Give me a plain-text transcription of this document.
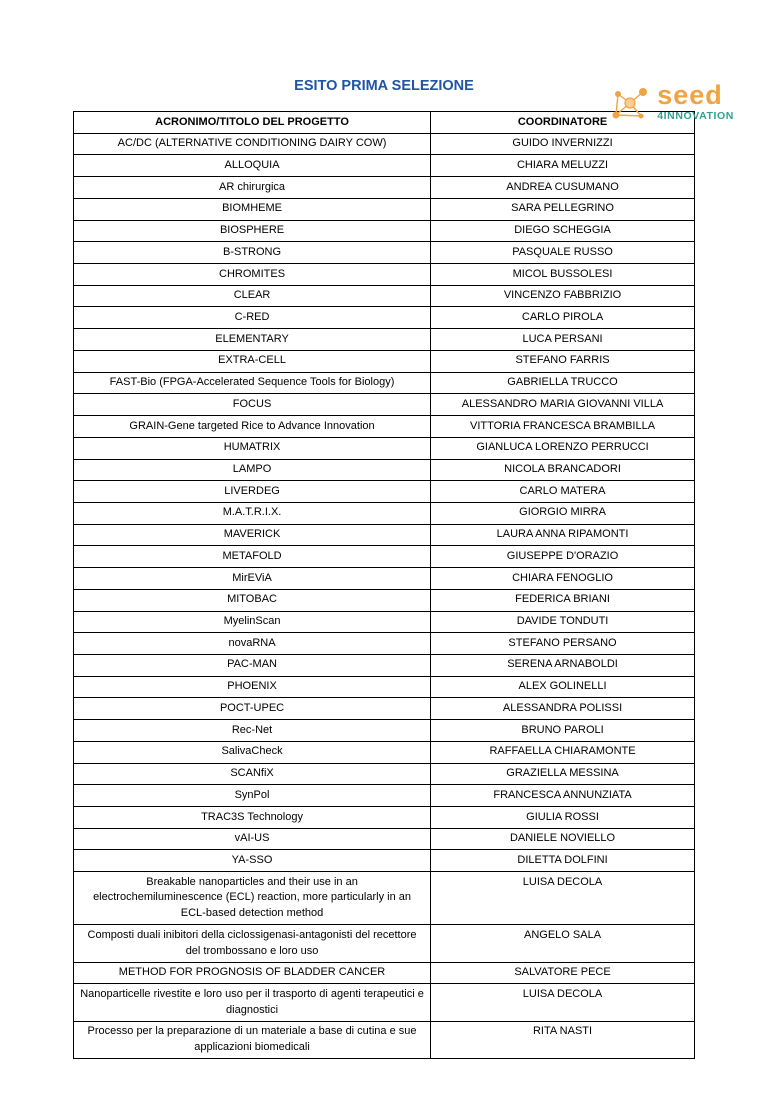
seed
4INNOVATION
ESITO PRIMA SELEZIONE
ACRONIMO/TITOLO DEL PROGETTO	COORDINATORE
AC/DC (ALTERNATIVE CONDITIONING DAIRY COW)	GUIDO INVERNIZZI
ALLOQUIA	CHIARA MELUZZI
AR chirurgica	ANDREA CUSUMANO
BIOMHEME	SARA PELLEGRINO
BIOSPHERE	DIEGO SCHEGGIA
B-STRONG	PASQUALE RUSSO
CHROMITES	MICOL BUSSOLESI
CLEAR	VINCENZO FABBRIZIO
C-RED	CARLO PIROLA
ELEMENTARY	LUCA PERSANI
EXTRA-CELL	STEFANO FARRIS
FAST-Bio (FPGA-Accelerated Sequence Tools for Biology)	GABRIELLA TRUCCO
FOCUS	ALESSANDRO MARIA GIOVANNI VILLA
GRAIN-Gene targeted Rice to Advance Innovation	VITTORIA FRANCESCA BRAMBILLA
HUMATRIX	GIANLUCA LORENZO PERRUCCI
LAMPO	NICOLA BRANCADORI
LIVERDEG	CARLO MATERA
M.A.T.R.I.X.	GIORGIO MIRRA
MAVERICK	LAURA ANNA RIPAMONTI
METAFOLD	GIUSEPPE D'ORAZIO
MirEViA	CHIARA FENOGLIO
MITOBAC	FEDERICA BRIANI
MyelinScan	DAVIDE TONDUTI
novaRNA	STEFANO PERSANO
PAC-MAN	SERENA ARNABOLDI
PHOENIX	ALEX GOLINELLI
POCT-UPEC	ALESSANDRA POLISSI
Rec-Net	BRUNO PAROLI
SalivaCheck	RAFFAELLA CHIARAMONTE
SCANfiX	GRAZIELLA MESSINA
SynPol	FRANCESCA ANNUNZIATA
TRAC3S Technology	GIULIA ROSSI
vAI-US	DANIELE NOVIELLO
YA-SSO	DILETTA DOLFINI
Breakable nanoparticles and their use in an electrochemiluminescence (ECL) reaction, more particularly in an ECL-based detection method	LUISA DECOLA
Composti duali inibitori della ciclossigenasi-antagonisti del recettore del trombossano e loro uso	ANGELO SALA
METHOD FOR PROGNOSIS OF BLADDER CANCER	SALVATORE PECE
Nanoparticelle rivestite e loro uso per il trasporto di agenti terapeutici e diagnostici	LUISA DECOLA
Processo per la preparazione di un materiale a base di cutina e sue applicazioni biomedicali	RITA NASTI
